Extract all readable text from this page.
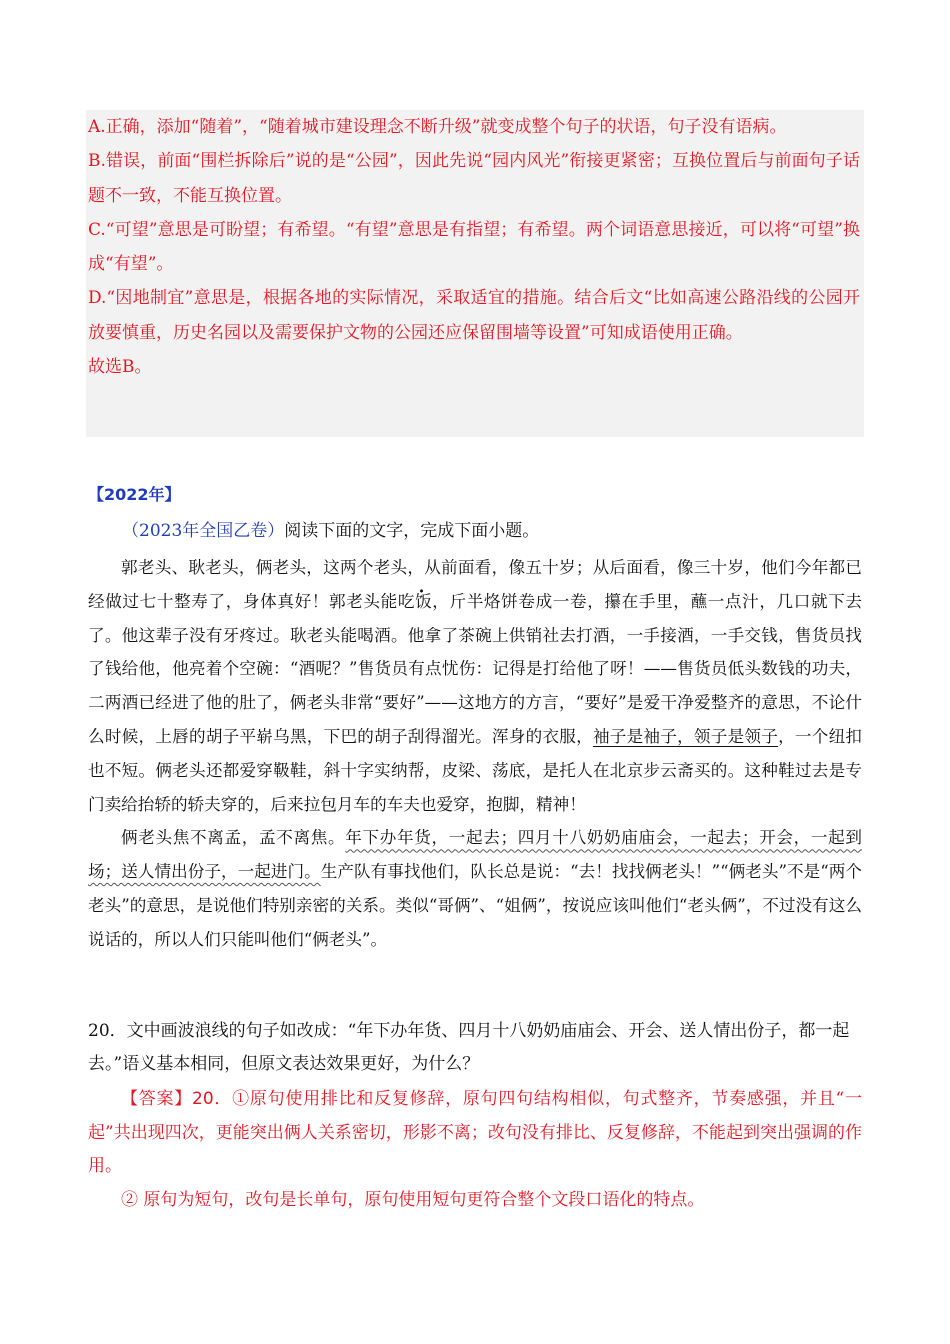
A.正确，添加“随着”，“随着城市建设理念不断升级”就变成整个句子的状语，句子没有语病。

B.错误，前面“围栏拆除后”说的是“公园”，因此先说“园内风光”衔接更紧密；互换位置后与前面句子话题不一致，不能互换位置。

C.“可望”意思是可盼望；有希望。“有望”意思是有指望；有希望。两个词语意思接近，可以将“可望”换成“有望”。

D.“因地制宜”意思是，根据各地的实际情况，采取适宜的措施。结合后文“比如高速公路沿线的公园开放要慎重，历史名园以及需要保护文物的公园还应保留围墙等设置”可知成语使用正确。

故选B。

【2022年】
（2023年全国乙卷）阅读下面的文字，完成下面小题。

郭老头、耿老头，俩老头，这两个老头，从前面看，像五十岁；从后面看，像三十岁，他们今年都已经做过七十整寿了，身体真好！郭老头· 能吃饭，斤半烙饼卷成一卷，攥在手里，蘸一点汁，几口就下去了。他这辈子没有牙疼过。耿老头能喝酒。他拿了茶碗上供销社去打酒，一手接酒，一手交钱，售货员找了钱给他，他亮着个空碗：“酒呢？”售货员有点忧伤：记得是打给他了呀！——售货员低头数钱的功夫，二两酒已经进了他的肚了，俩老头非常“要好”——这地方的方言，“要好”是爱干净爱整齐的意思，不论什么时候，上唇的胡子平崭乌黑，下巴的胡子刮得溜光。浑身的衣服，袖子是袖子，领子是领子，一个纽扣也不短。俩老头还都爱穿靸鞋，斜十字实纳帮，皮梁、荡底，是托人在北京步云斋买的。这种鞋过去是专门卖给抬轿的轿夫穿的，后来拉包月车的车夫也爱穿，抱脚，精神！

俩老头焦不离孟，孟不离焦。年下办年货，一起去；四月十八奶奶庙庙会，一起去；开会，一起到场；送人情出份子，一起进门。生产队有事找他们，队长总是说：“去！找找俩老头！”“俩老头”不是“两个老头”的意思，是说他们特别亲密的关系。类似“哥俩”、“姐俩”，按说应该叫他们“老头俩”，不过没有这么说话的，所以人们只能叫他们“俩老头”。

20．文中画波浪线的句子如改成：“年下办年货、四月十八奶奶庙庙会、开会、送人情出份子，都一起去。”语义基本相同，但原文表达效果更好，为什么？

【答案】20．①原句使用排比和反复修辞，原句四句结构相似，句式整齐，节奏感强，并且“一起”共出现四次，更能突出俩人关系密切，形影不离；改句没有排比、反复修辞，不能起到突出强调的作用。

② 原句为短句，改句是长单句，原句使用短句更符合整个文段口语化的特点。
